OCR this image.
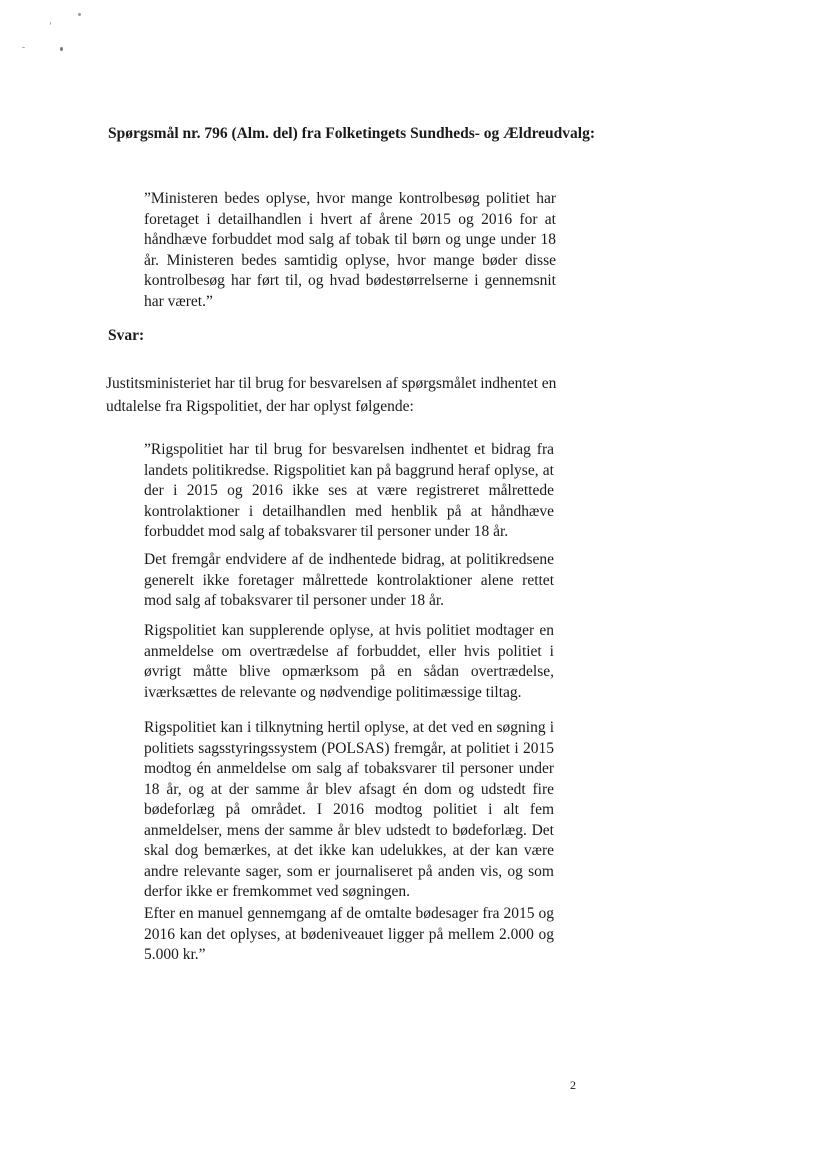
Spørgsmål nr. 796 (Alm. del) fra Folketingets Sundheds- og Ældreudvalg:

”Ministeren bedes oplyse, hvor mange kontrolbesøg politiet har foretaget i detailhandlen i hvert af årene 2015 og 2016 for at håndhæve forbuddet mod salg af tobak til børn og unge under 18 år. Ministeren bedes samtidig oplyse, hvor mange bøder disse kontrolbesøg har ført til, og hvad bødestørrelserne i gennemsnit har været.”

Svar:

Justitsministeriet har til brug for besvarelsen af spørgsmålet indhentet en udtalelse fra Rigspolitiet, der har oplyst følgende:

”Rigspolitiet har til brug for besvarelsen indhentet et bidrag fra landets politikredse. Rigspolitiet kan på baggrund heraf oplyse, at der i 2015 og 2016 ikke ses at være registreret målrettede kontrolaktioner i detailhandlen med henblik på at håndhæve forbuddet mod salg af tobaksvarer til personer under 18 år.

Det fremgår endvidere af de indhentede bidrag, at politikredsene generelt ikke foretager målrettede kontrolaktioner alene rettet mod salg af tobaksvarer til personer under 18 år.

Rigspolitiet kan supplerende oplyse, at hvis politiet modtager en anmeldelse om overtrædelse af forbuddet, eller hvis politiet i øvrigt måtte blive opmærksom på en sådan overtrædelse, iværksættes de relevante og nødvendige politimæssige tiltag.

Rigspolitiet kan i tilknytning hertil oplyse, at det ved en søgning i politiets sagsstyringssystem (POLSAS) fremgår, at politiet i 2015 modtog én anmeldelse om salg af tobaksvarer til personer under 18 år, og at der samme år blev afsagt én dom og udstedt fire bødeforlæg på området. I 2016 modtog politiet i alt fem anmeldelser, mens der samme år blev udstedt to bødeforlæg. Det skal dog bemærkes, at det ikke kan udelukkes, at der kan være andre relevante sager, som er journaliseret på anden vis, og som derfor ikke er fremkommet ved søgningen.

Efter en manuel gennemgang af de omtalte bødesager fra 2015 og 2016 kan det oplyses, at bødeniveauet ligger på mellem 2.000 og 5.000 kr.”

2
